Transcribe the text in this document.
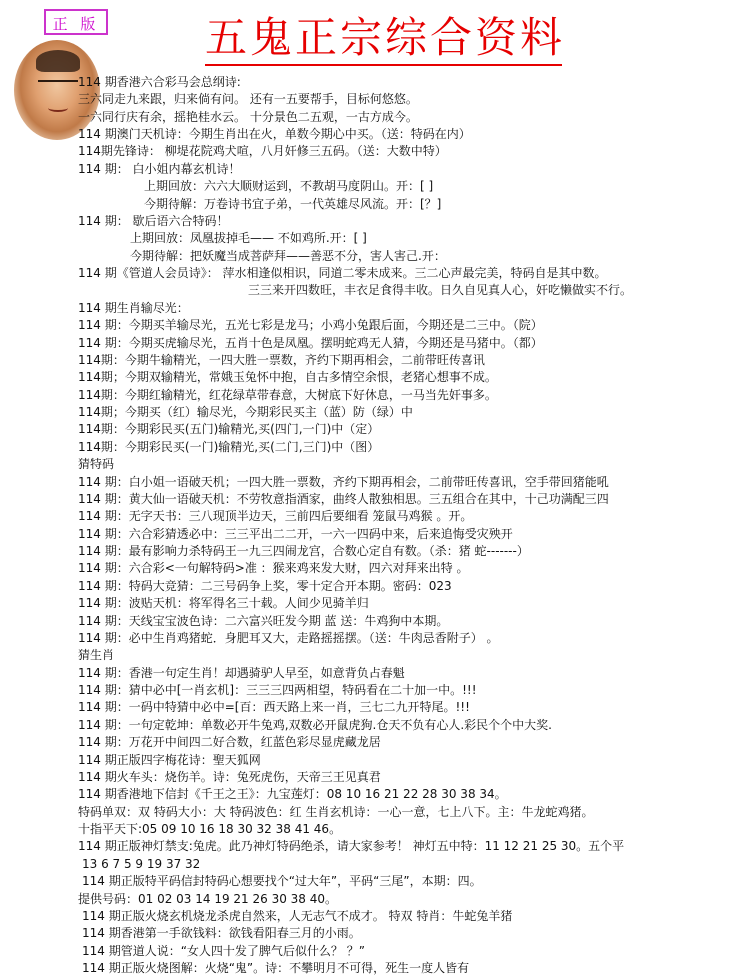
正 版	五鬼正宗综合资料
114 期香港六合彩马会总纲诗:
三六同走九来跟，归来倘有问。 还有一五要帮手，目标何悠悠。
一六同行庆有余，摇艳桂水云。 十分景色二五观，一古方成今。
114 期澳门天机诗：今期生肖出在火，单数今期心中买。（送：特码在内）
114期先锋诗： 柳堤花院鸡犬喧，八月奸修三五码。（送：大数中特）
114 期： 白小姐内幕玄机诗！
上期回放：六六大顺财运到，不教胡马度阴山。开：[ ]
今期待解：万卷诗书宜子弟，一代英雄尽风流。开：[？]
114 期： 歇后语六合特码！
上期回放：凤凰拔掉毛—— 不如鸡所.开：[ ]
今期待解：把妖魔当成菩萨拜——善恶不分，害人害己.开：
114 期《管道人会员诗》： 萍水相逢似相识，同道二零未成来。三二心声最完美，特码自是其中数。
三三来开四数旺，丰衣足食得丰收。日久自见真人心，奸吃懒做实不行。
114 期生肖输尽光：
114 期：今期买羊输尽光，五光七彩是龙马；小鸡小兔跟后面，今期还是二三中。（院）
114 期：今期买虎输尽光，五肖十色是凤凰。摆明蛇鸡无人猜，今期还是马猪中。（都）
114期：今期牛输精光，一四大胜一票数，齐约下期再相会，二前带旺传喜讯
114期；今期双输精光，常娥玉兔怀中抱，自古多情空余恨，老猪心想事不成。
114期：今期红输精光，红花绿草带春意，大树底下好休息，一马当先奸事多。
114期；今期买（红）输尽光，今期彩民买主（蓝）防（绿）中
114期：今期彩民买(五门)输精光,买(四门,一门)中（定）
114期：今期彩民买(一门)输精光,买(二门,三门)中（图）
猜特码
114 期：白小姐一语破天机；一四大胜一票数，齐约下期再相会，二前带旺传喜讯，空手带回猪能吼
114 期：黄大仙一语破天机：不劳牧意指酒家，曲终人散独相思。三五组合在其中，十己功满配三四
114 期：无字天书：三八现顶半边天，三前四后要细看 笼鼠马鸡猴 。开。
114 期：六合彩猜透必中：三三平出二二开，一六一四码中来，后来追悔受灾殃开
114 期：最有影响力杀特码王一九三四闹龙宫，合数心定自有数。（杀：猪 蛇-------）
114 期：六合彩<一句解特码>准 ：猴来鸡来发大财，四六对拜来出特 。
114 期：特码大竞猜：二三号码争上奖，零十定合开本期。密码：023
114 期：波贴天机：将军得名三十载。人间少见骑羊归
114 期：天线宝宝波色诗：二六富兴旺发今期 蓝 送：牛鸡狗中本期。
114 期：必中生肖鸡猪蛇．身肥耳又大，走路摇摇摆。（送：牛肉忌香附子） 。
猜生肖
114 期：香港一句定生肖！却遇骑驴人早至，如意背负占春魁
114 期：猜中必中[一肖玄机]：三三三四两相望，特码看在二十加一中。!!!
114 期：一码中特猜中必中=[百：西天路上来一肖，三七二九开特尾。!!!
114 期：一句定乾坤：单数必开牛兔鸡,双数必开鼠虎狗.仓天不负有心人.彩民个个中大奖.
114 期：万花开中间四二好合数，红蓝色彩尽显虎藏龙居
114 期正版四字梅花诗：聖天狐网
114 期火车头：烧伤羊。诗：兔死虎伤，天帝三王见真君
114 期香港地下信封《千王之王》：九宝莲灯：08 10 16 21 22 28 30 38 34。
特码单双：双 特码大小：大 特码波色：红 生肖玄机诗：一心一意，七上八下。主：牛龙蛇鸡猪。
十指平天下:05 09 10 16 18 30 32 38 41 46。
114 期正版神灯禁支:兔虎。此乃神灯特码绝杀，请大家参考！ 神灯五中特：11 12 21 25 30。五个平
13 6 7 5 9 19 37 32
114 期正版特平码信封特码心想要找个“过大年”，平码“三尾”，本期：四。
提供号码：01 02 03 14 19 21 26 30 38 40。
114 期正版火烧玄机烧龙杀虎自然来，人无志气不成才。 特双 特肖：牛蛇兔羊猪
114 期香港第一手欲钱料：欲钱看阳春三月的小雨。
114 期管道人说：“女人四十发了脾气后似什么？ ？”
114 期正版火烧图解：火烧“鬼”。诗：不攀明月不可得，死生一度人皆有
